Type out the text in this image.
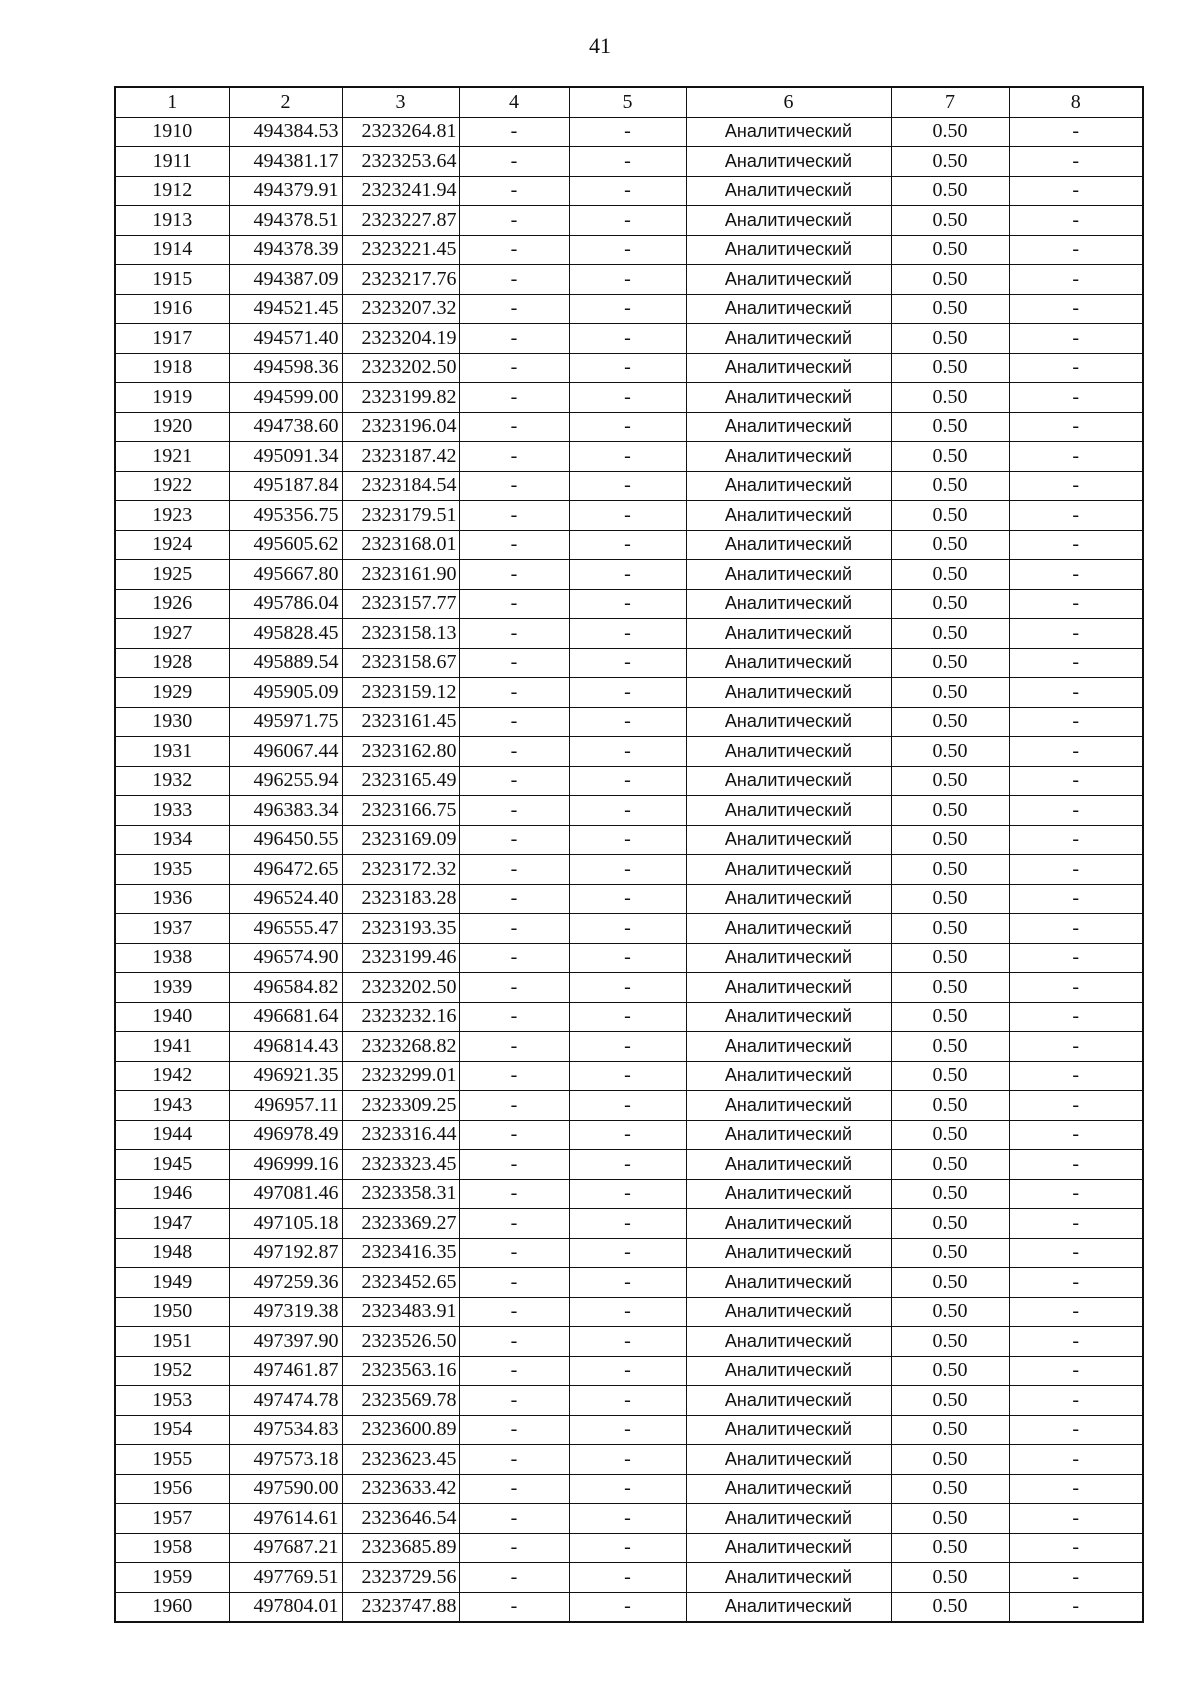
41
1	2	3	4	5	6	7	8
1910	494384.53	2323264.81	-	-	Аналитический	0.50	-
1911	494381.17	2323253.64	-	-	Аналитический	0.50	-
1912	494379.91	2323241.94	-	-	Аналитический	0.50	-
1913	494378.51	2323227.87	-	-	Аналитический	0.50	-
1914	494378.39	2323221.45	-	-	Аналитический	0.50	-
1915	494387.09	2323217.76	-	-	Аналитический	0.50	-
1916	494521.45	2323207.32	-	-	Аналитический	0.50	-
1917	494571.40	2323204.19	-	-	Аналитический	0.50	-
1918	494598.36	2323202.50	-	-	Аналитический	0.50	-
1919	494599.00	2323199.82	-	-	Аналитический	0.50	-
1920	494738.60	2323196.04	-	-	Аналитический	0.50	-
1921	495091.34	2323187.42	-	-	Аналитический	0.50	-
1922	495187.84	2323184.54	-	-	Аналитический	0.50	-
1923	495356.75	2323179.51	-	-	Аналитический	0.50	-
1924	495605.62	2323168.01	-	-	Аналитический	0.50	-
1925	495667.80	2323161.90	-	-	Аналитический	0.50	-
1926	495786.04	2323157.77	-	-	Аналитический	0.50	-
1927	495828.45	2323158.13	-	-	Аналитический	0.50	-
1928	495889.54	2323158.67	-	-	Аналитический	0.50	-
1929	495905.09	2323159.12	-	-	Аналитический	0.50	-
1930	495971.75	2323161.45	-	-	Аналитический	0.50	-
1931	496067.44	2323162.80	-	-	Аналитический	0.50	-
1932	496255.94	2323165.49	-	-	Аналитический	0.50	-
1933	496383.34	2323166.75	-	-	Аналитический	0.50	-
1934	496450.55	2323169.09	-	-	Аналитический	0.50	-
1935	496472.65	2323172.32	-	-	Аналитический	0.50	-
1936	496524.40	2323183.28	-	-	Аналитический	0.50	-
1937	496555.47	2323193.35	-	-	Аналитический	0.50	-
1938	496574.90	2323199.46	-	-	Аналитический	0.50	-
1939	496584.82	2323202.50	-	-	Аналитический	0.50	-
1940	496681.64	2323232.16	-	-	Аналитический	0.50	-
1941	496814.43	2323268.82	-	-	Аналитический	0.50	-
1942	496921.35	2323299.01	-	-	Аналитический	0.50	-
1943	496957.11	2323309.25	-	-	Аналитический	0.50	-
1944	496978.49	2323316.44	-	-	Аналитический	0.50	-
1945	496999.16	2323323.45	-	-	Аналитический	0.50	-
1946	497081.46	2323358.31	-	-	Аналитический	0.50	-
1947	497105.18	2323369.27	-	-	Аналитический	0.50	-
1948	497192.87	2323416.35	-	-	Аналитический	0.50	-
1949	497259.36	2323452.65	-	-	Аналитический	0.50	-
1950	497319.38	2323483.91	-	-	Аналитический	0.50	-
1951	497397.90	2323526.50	-	-	Аналитический	0.50	-
1952	497461.87	2323563.16	-	-	Аналитический	0.50	-
1953	497474.78	2323569.78	-	-	Аналитический	0.50	-
1954	497534.83	2323600.89	-	-	Аналитический	0.50	-
1955	497573.18	2323623.45	-	-	Аналитический	0.50	-
1956	497590.00	2323633.42	-	-	Аналитический	0.50	-
1957	497614.61	2323646.54	-	-	Аналитический	0.50	-
1958	497687.21	2323685.89	-	-	Аналитический	0.50	-
1959	497769.51	2323729.56	-	-	Аналитический	0.50	-
1960	497804.01	2323747.88	-	-	Аналитический	0.50	-
